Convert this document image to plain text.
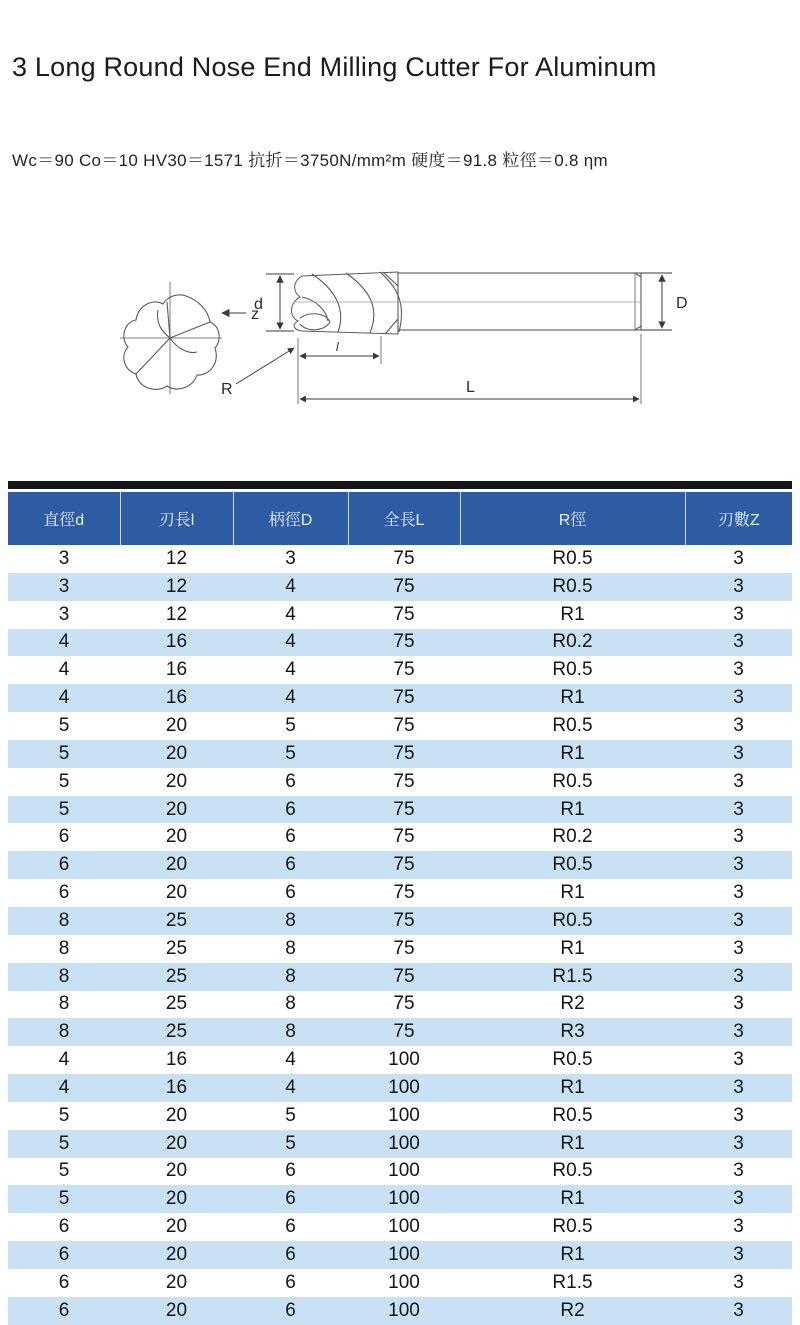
3 Long Round Nose End Milling Cutter For Aluminum
Wc＝90 Co＝10 HV30＝1571 抗折＝3750N/mm²m 硬度＝91.8 粒徑＝0.8 ηm
z
d	D
R
l
L
直徑d	刃長l	柄徑D	全長L	R徑	刃數Z
3	12	3	75	R0.5	3
3	12	4	75	R0.5	3
3	12	4	75	R1	3
4	16	4	75	R0.2	3
4	16	4	75	R0.5	3
4	16	4	75	R1	3
5	20	5	75	R0.5	3
5	20	5	75	R1	3
5	20	6	75	R0.5	3
5	20	6	75	R1	3
6	20	6	75	R0.2	3
6	20	6	75	R0.5	3
6	20	6	75	R1	3
8	25	8	75	R0.5	3
8	25	8	75	R1	3
8	25	8	75	R1.5	3
8	25	8	75	R2	3
8	25	8	75	R3	3
4	16	4	100	R0.5	3
4	16	4	100	R1	3
5	20	5	100	R0.5	3
5	20	5	100	R1	3
5	20	6	100	R0.5	3
5	20	6	100	R1	3
6	20	6	100	R0.5	3
6	20	6	100	R1	3
6	20	6	100	R1.5	3
6	20	6	100	R2	3
